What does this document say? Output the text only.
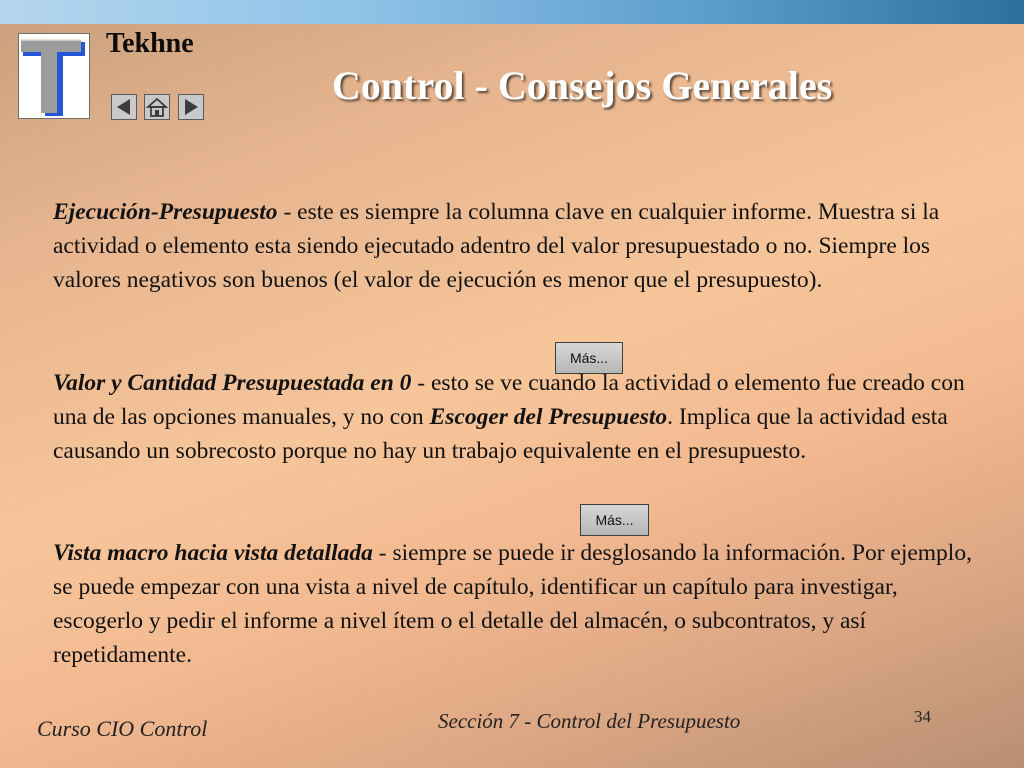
Tekhne
Control - Consejos Generales

Ejecución-Presupuesto - este es siempre la columna clave en cualquier informe. Muestra si la actividad o elemento esta siendo ejecutado adentro del valor presupuestado o no. Siempre los valores negativos son buenos (el valor de ejecución es menor que el presupuesto).

Más...

Valor y Cantidad Presupuestada en 0 - esto se ve cuando la actividad o elemento fue creado con una de las opciones manuales, y no con Escoger del Presupuesto. Implica que la actividad esta causando un sobrecosto porque no hay un trabajo equivalente en el presupuesto.

Más...

Vista macro hacia vista detallada - siempre se puede ir desglosando la información. Por ejemplo, se puede empezar con una vista a nivel de capítulo, identificar un capítulo para investigar, escogerlo y pedir el informe a nivel ítem o el detalle del almacén, o subcontratos, y así repetidamente.

Curso CIO Control	Sección 7 - Control del Presupuesto	34
